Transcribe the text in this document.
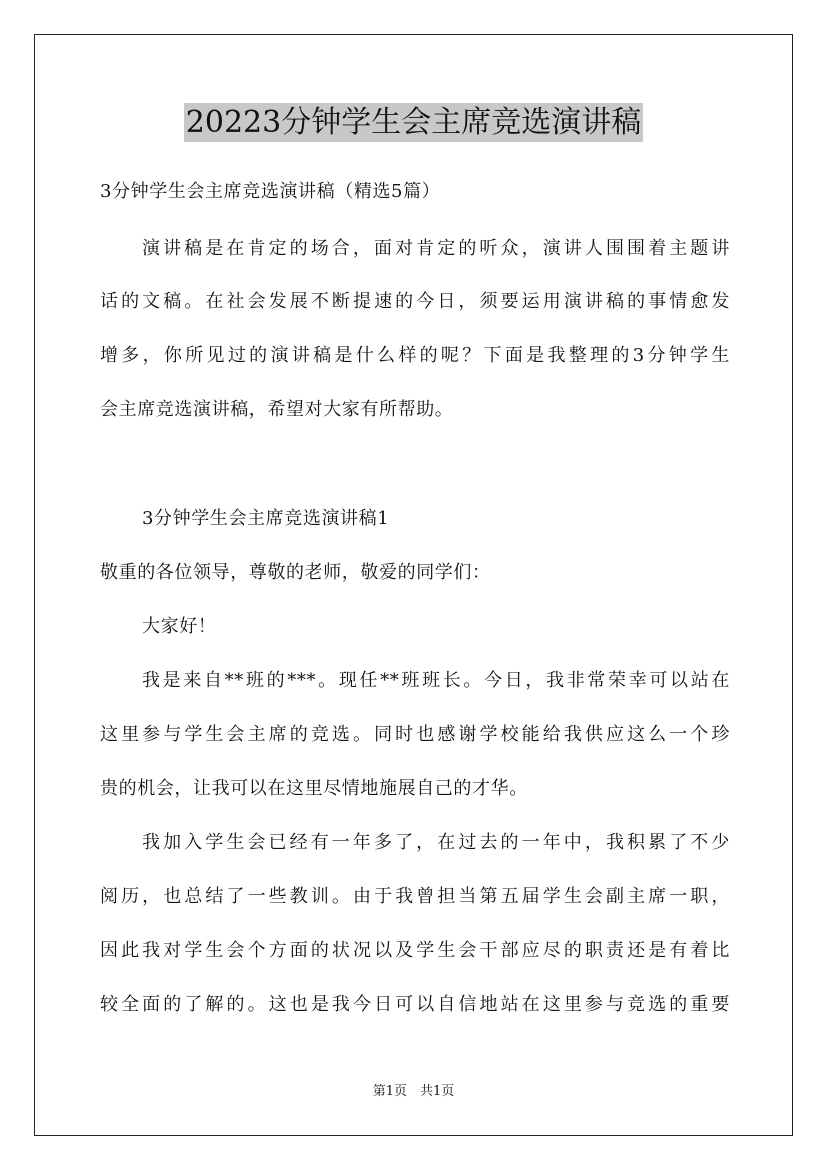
20223分钟学生会主席竞选演讲稿
3分钟学生会主席竞选演讲稿（精选5篇）
演讲稿是在肯定的场合，面对肯定的听众，演讲人围围着主题讲
话的文稿。在社会发展不断提速的今日，须要运用演讲稿的事情愈发
增多，你所见过的演讲稿是什么样的呢？下面是我整理的3分钟学生
会主席竞选演讲稿，希望对大家有所帮助。
3分钟学生会主席竞选演讲稿1
敬重的各位领导，尊敬的老师，敬爱的同学们：
大家好！
我是来自**班的***。现任**班班长。今日，我非常荣幸可以站在
这里参与学生会主席的竞选。同时也感谢学校能给我供应这么一个珍
贵的机会，让我可以在这里尽情地施展自己的才华。
我加入学生会已经有一年多了，在过去的一年中，我积累了不少
阅历，也总结了一些教训。由于我曾担当第五届学生会副主席一职，
因此我对学生会个方面的状况以及学生会干部应尽的职责还是有着比
较全面的了解的。这也是我今日可以自信地站在这里参与竞选的重要
第1页　共1页
